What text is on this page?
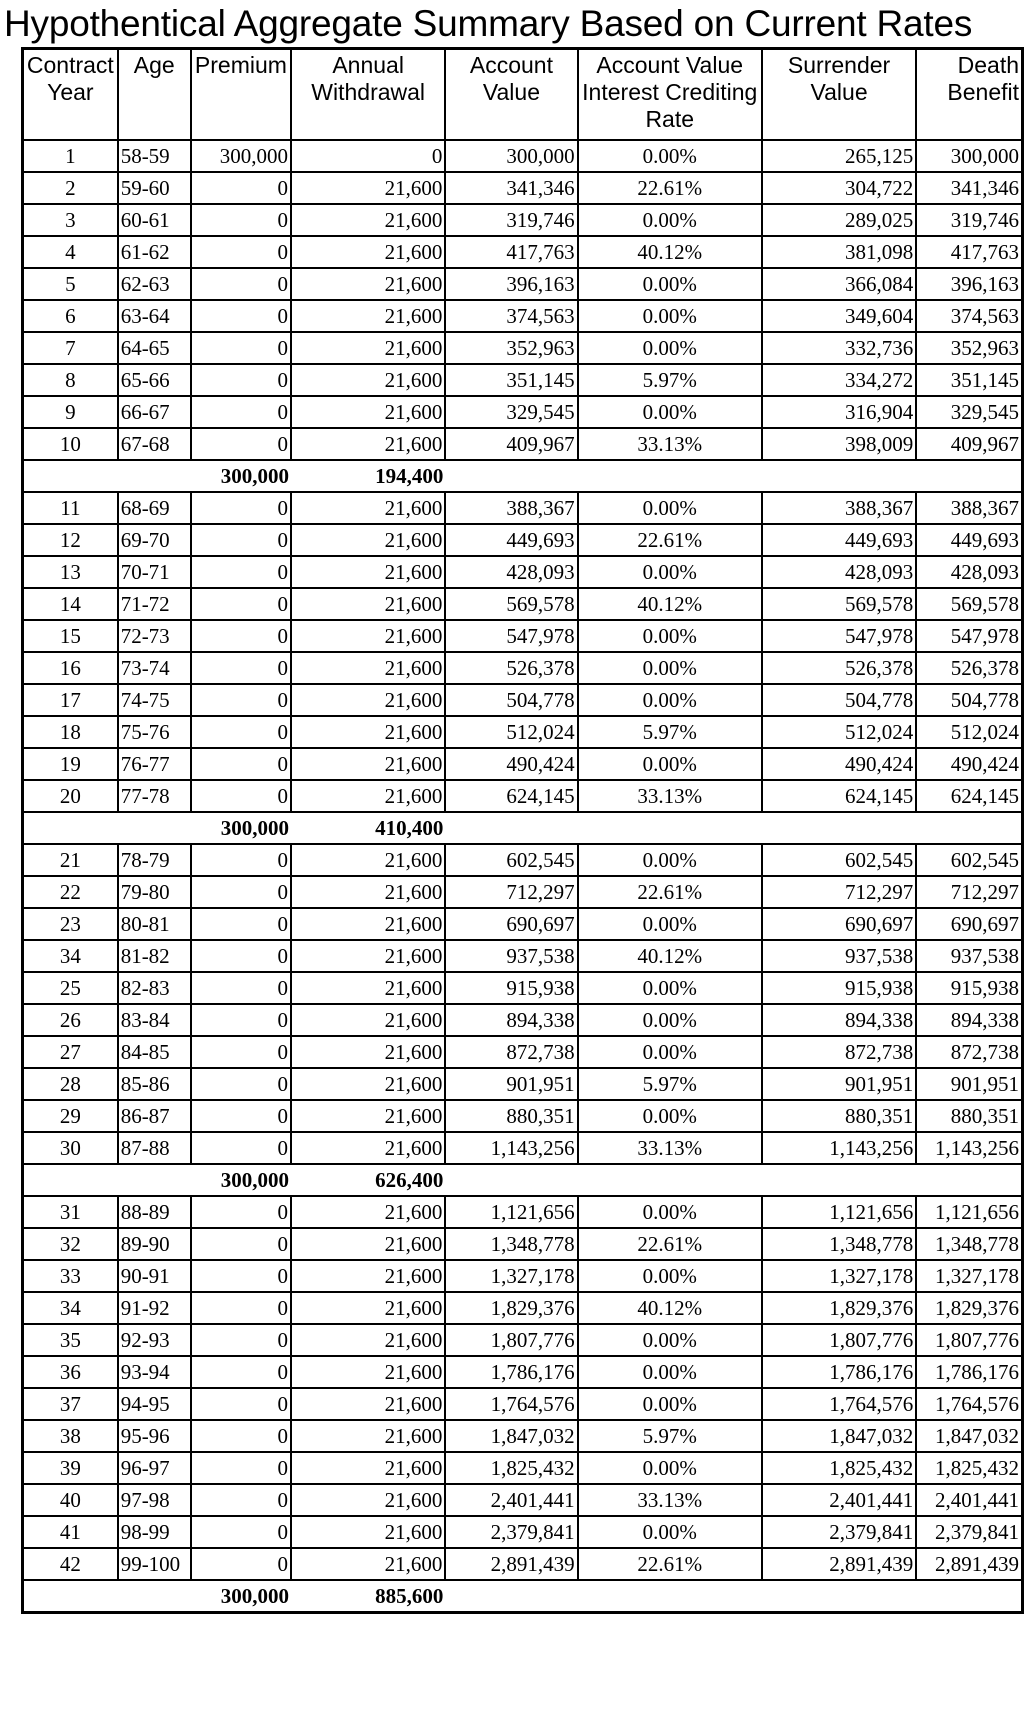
Hypothentical Aggregate Summary Based on Current Rates
Contract Year	Age	Premium	Annual Withdrawal	Account Value	Account Value Interest Crediting Rate	Surrender Value	Death Benefit
1	58-59	300,000	0	300,000	0.00%	265,125	300,000
2	59-60	0	21,600	341,346	22.61%	304,722	341,346
3	60-61	0	21,600	319,746	0.00%	289,025	319,746
4	61-62	0	21,600	417,763	40.12%	381,098	417,763
5	62-63	0	21,600	396,163	0.00%	366,084	396,163
6	63-64	0	21,600	374,563	0.00%	349,604	374,563
7	64-65	0	21,600	352,963	0.00%	332,736	352,963
8	65-66	0	21,600	351,145	5.97%	334,272	351,145
9	66-67	0	21,600	329,545	0.00%	316,904	329,545
10	67-68	0	21,600	409,967	33.13%	398,009	409,967
		300,000	194,400				
11	68-69	0	21,600	388,367	0.00%	388,367	388,367
12	69-70	0	21,600	449,693	22.61%	449,693	449,693
13	70-71	0	21,600	428,093	0.00%	428,093	428,093
14	71-72	0	21,600	569,578	40.12%	569,578	569,578
15	72-73	0	21,600	547,978	0.00%	547,978	547,978
16	73-74	0	21,600	526,378	0.00%	526,378	526,378
17	74-75	0	21,600	504,778	0.00%	504,778	504,778
18	75-76	0	21,600	512,024	5.97%	512,024	512,024
19	76-77	0	21,600	490,424	0.00%	490,424	490,424
20	77-78	0	21,600	624,145	33.13%	624,145	624,145
		300,000	410,400				
21	78-79	0	21,600	602,545	0.00%	602,545	602,545
22	79-80	0	21,600	712,297	22.61%	712,297	712,297
23	80-81	0	21,600	690,697	0.00%	690,697	690,697
34	81-82	0	21,600	937,538	40.12%	937,538	937,538
25	82-83	0	21,600	915,938	0.00%	915,938	915,938
26	83-84	0	21,600	894,338	0.00%	894,338	894,338
27	84-85	0	21,600	872,738	0.00%	872,738	872,738
28	85-86	0	21,600	901,951	5.97%	901,951	901,951
29	86-87	0	21,600	880,351	0.00%	880,351	880,351
30	87-88	0	21,600	1,143,256	33.13%	1,143,256	1,143,256
		300,000	626,400				
31	88-89	0	21,600	1,121,656	0.00%	1,121,656	1,121,656
32	89-90	0	21,600	1,348,778	22.61%	1,348,778	1,348,778
33	90-91	0	21,600	1,327,178	0.00%	1,327,178	1,327,178
34	91-92	0	21,600	1,829,376	40.12%	1,829,376	1,829,376
35	92-93	0	21,600	1,807,776	0.00%	1,807,776	1,807,776
36	93-94	0	21,600	1,786,176	0.00%	1,786,176	1,786,176
37	94-95	0	21,600	1,764,576	0.00%	1,764,576	1,764,576
38	95-96	0	21,600	1,847,032	5.97%	1,847,032	1,847,032
39	96-97	0	21,600	1,825,432	0.00%	1,825,432	1,825,432
40	97-98	0	21,600	2,401,441	33.13%	2,401,441	2,401,441
41	98-99	0	21,600	2,379,841	0.00%	2,379,841	2,379,841
42	99-100	0	21,600	2,891,439	22.61%	2,891,439	2,891,439
		300,000	885,600				
